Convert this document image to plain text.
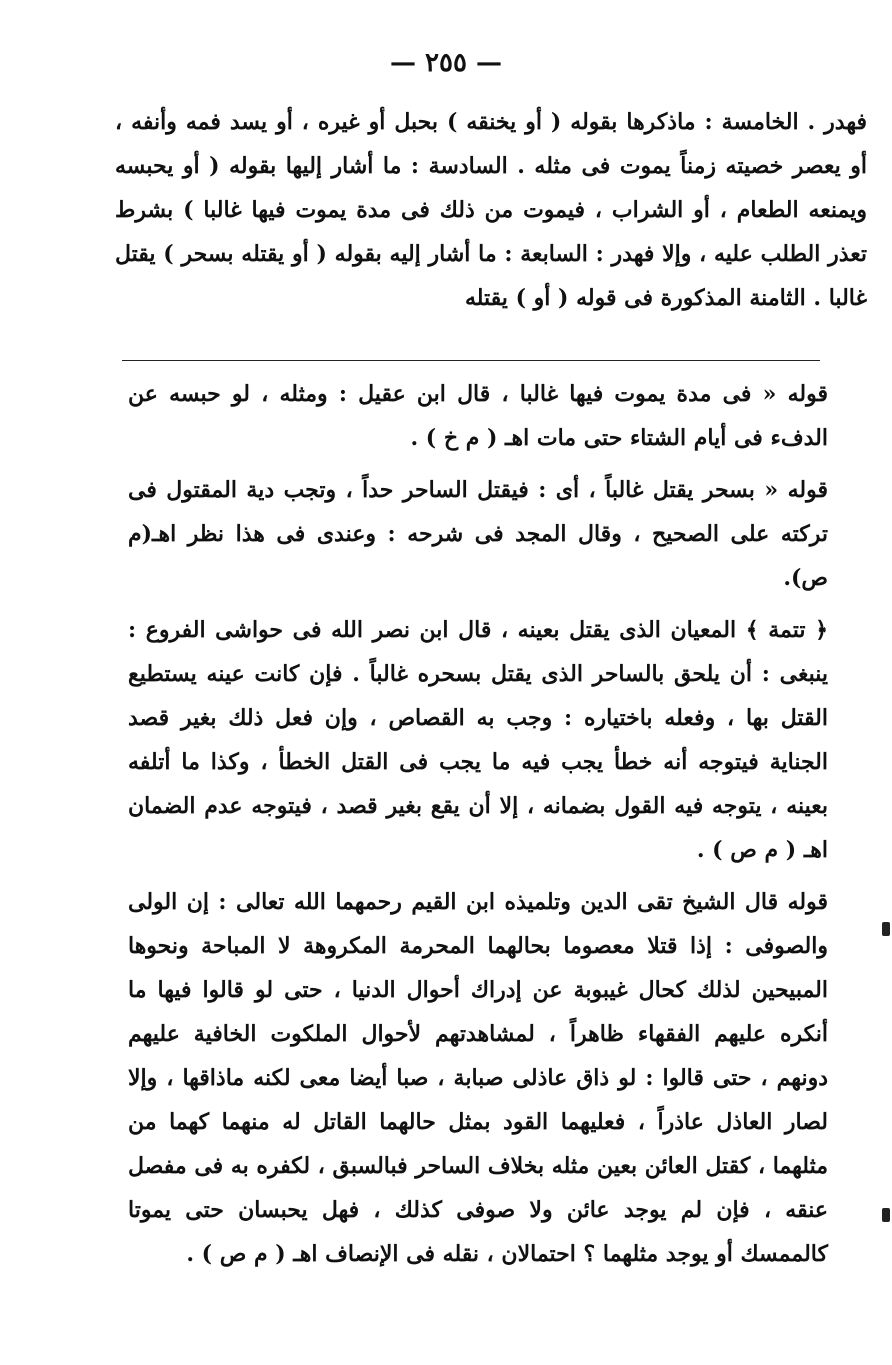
— ٢٥٥ —

فهدر . الخامسة : ماذكرها بقوله ( أو يخنقه ) بحبل أو غيره ، أو يسد فمه وأنفه ، أو يعصر خصيته زمناً يموت فى مثله . السادسة : ما أشار إليها بقوله ( أو يحبسه ويمنعه الطعام ، أو الشراب ، فيموت من ذلك فى مدة يموت فيها غالبا ) بشرط تعذر الطلب عليه ، وإلا فهدر : السابعة : ما أشار إليه بقوله ( أو يقتله بسحر ) يقتل غالبا . الثامنة المذكورة فى قوله ( أو ) يقتله

قوله « فى مدة يموت فيها غالبا ، قال ابن عقيل : ومثله ، لو حبسه عن الدفء فى أيام الشتاء حتى مات اهـ ( م خ ) .

قوله « بسحر يقتل غالباً ، أى : فيقتل الساحر حداً ، وتجب دية المقتول فى تركته على الصحيح ، وقال المجد فى شرحه : وعندى فى هذا نظر اهـ(م ص).

﴿ تتمة ﴾ المعيان الذى يقتل بعينه ، قال ابن نصر الله فى حواشى الفروع : ينبغى : أن يلحق بالساحر الذى يقتل بسحره غالباً . فإن كانت عينه يستطيع القتل بها ، وفعله باختياره : وجب به القصاص ، وإن فعل ذلك بغير قصد الجناية فيتوجه أنه خطأ يجب فيه ما يجب فى القتل الخطأ ، وكذا ما أتلفه بعينه ، يتوجه فيه القول بضمانه ، إلا أن يقع بغير قصد ، فيتوجه عدم الضمان اهـ ( م ص ) .

قوله قال الشيخ تقى الدين وتلميذه ابن القيم رحمهما الله تعالى : إن الولى والصوفى : إذا قتلا معصوما بحالهما المحرمة المكروهة لا المباحة ونحوها المبيحين لذلك كحال غيبوبة عن إدراك أحوال الدنيا ، حتى لو قالوا فيها ما أنكره عليهم الفقهاء ظاهراً ، لمشاهدتهم لأحوال الملكوت الخافية عليهم دونهم ، حتى قالوا : لو ذاق عاذلى صبابة ، صبا أيضا معى لكنه ماذاقها ، وإلا لصار العاذل عاذراً ، فعليهما القود بمثل حالهما القاتل له منهما كهما من مثلهما ، كقتل العائن بعين مثله بخلاف الساحر فبالسبق ، لكفره به فى مفصل عنقه ، فإن لم يوجد عائن ولا صوفى كذلك ، فهل يحبسان حتى يموتا كالممسك أو يوجد مثلهما ؟ احتمالان ، نقله فى الإنصاف اهـ ( م ص ) .
